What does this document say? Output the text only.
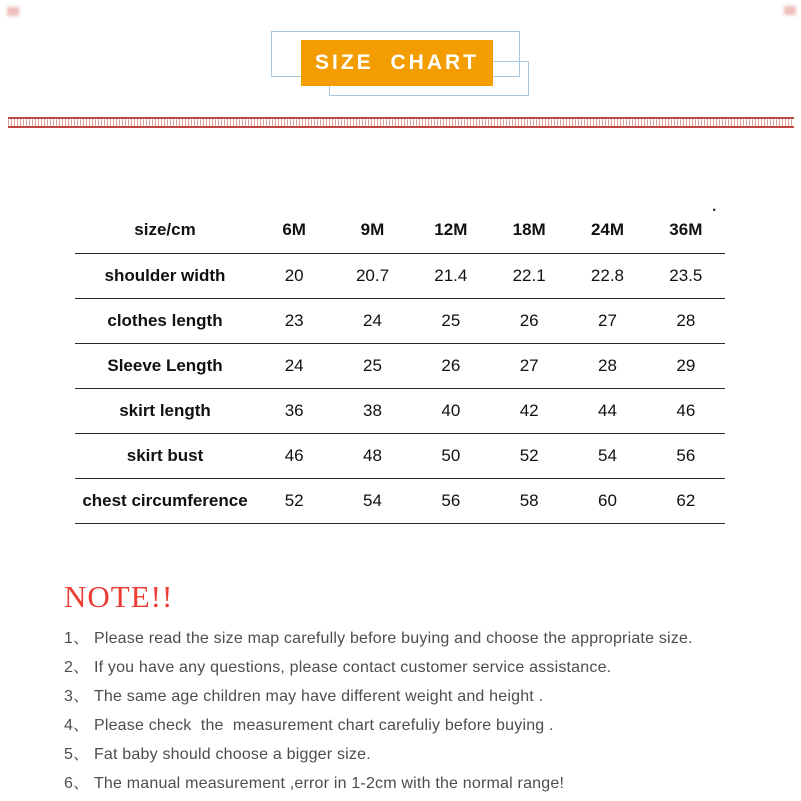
SIZE CHART
.
size/cm	6M	9M	12M	18M	24M	36M
shoulder width	20	20.7	21.4	22.1	22.8	23.5
clothes length	23	24	25	26	27	28
Sleeve Length	24	25	26	27	28	29
skirt length	36	38	40	42	44	46
skirt bust	46	48	50	52	54	56
chest circumference	52	54	56	58	60	62
NOTE!!
1、 Please read the size map carefully before buying and choose the appropriate size.
2、 If you have any questions, please contact customer service assistance.
3、 The same age children may have different weight and height .
4、 Please check  the  measurement chart carefuliy before buying .
5、 Fat baby should choose a bigger size.
6、 The manual measurement ,error in 1-2cm with the normal range!
